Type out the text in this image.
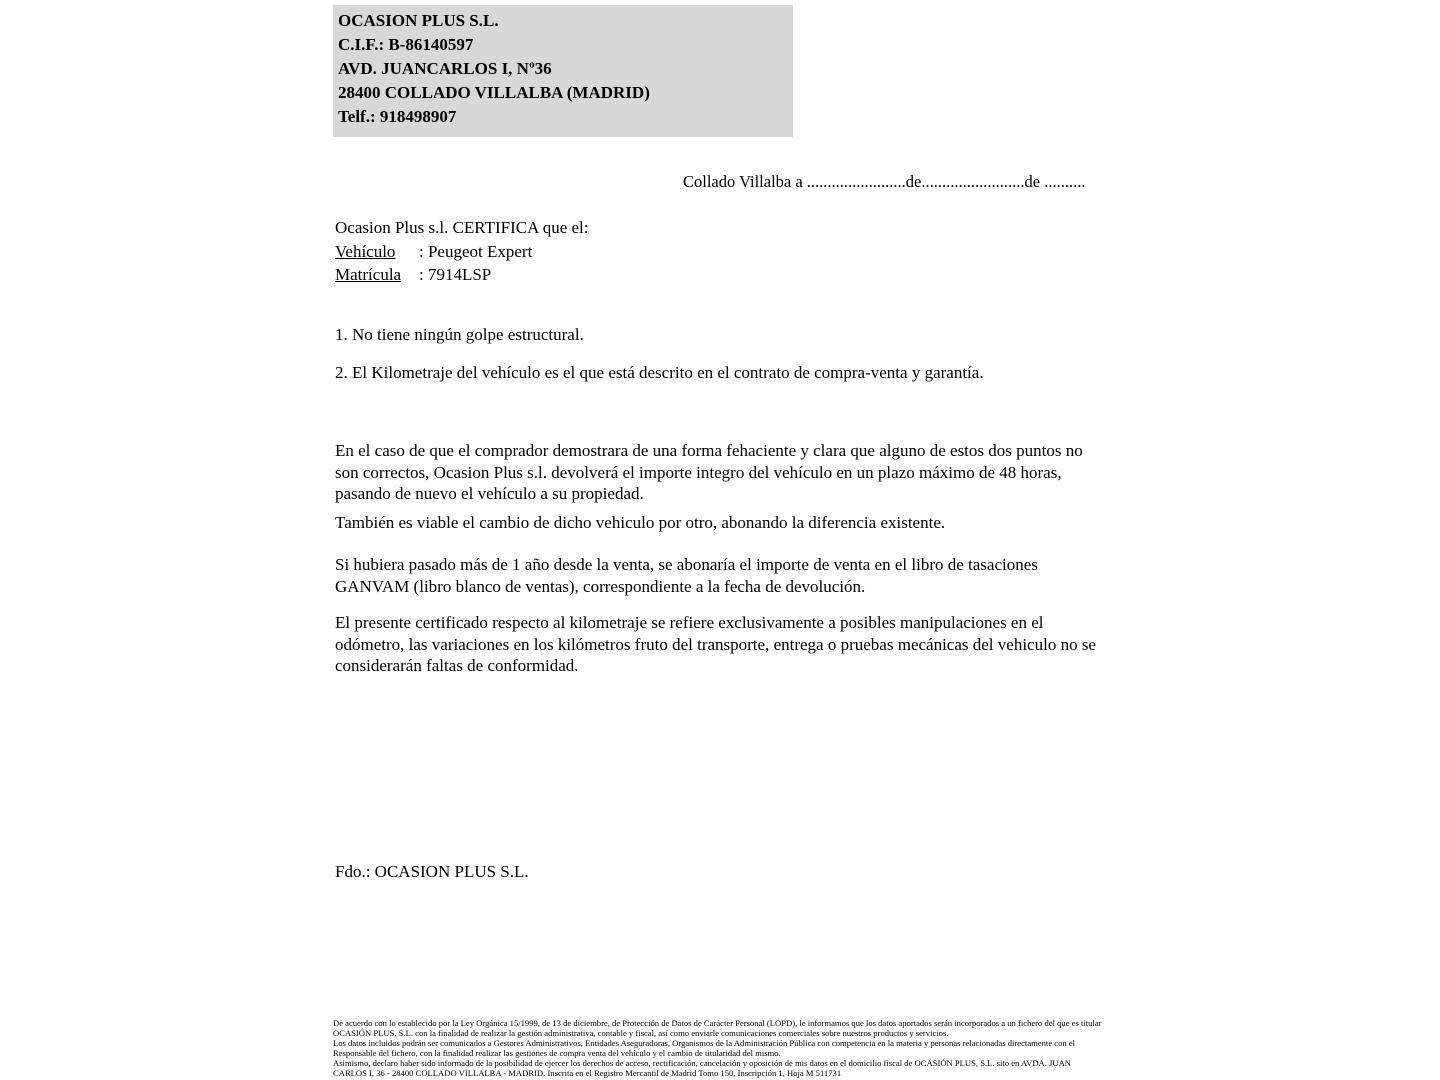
OCASION PLUS S.L.
C.I.F.: B-86140597
AVD. JUANCARLOS I, Nº36
28400 COLLADO VILLALBA (MADRID)
Telf.: 918498907
Collado Villalba a ........................de.........................de ..........
Ocasion Plus s.l. CERTIFICA que el:
Vehículo : Peugeot Expert
Matrícula : 7914LSP
1. No tiene ningún golpe estructural.
2. El Kilometraje del vehículo es el que está descrito en el contrato de compra-venta y garantía.
En el caso de que el comprador demostrara de una forma fehaciente y clara que alguno de estos dos puntos no son correctos, Ocasion Plus s.l. devolverá el importe integro del vehículo en un plazo máximo de 48 horas, pasando de nuevo el vehículo a su propiedad.
También es viable el cambio de dicho vehiculo por otro, abonando la diferencia existente.
Si hubiera pasado más de 1 año desde la venta, se abonaría el importe de venta en el libro de tasaciones GANVAM (libro blanco de ventas), correspondiente a la fecha de devolución.
El presente certificado respecto al kilometraje se refiere exclusivamente a posibles manipulaciones en el odómetro, las variaciones en los kilómetros fruto del transporte, entrega o pruebas mecánicas del vehiculo no se considerarán faltas de conformidad.
Fdo.: OCASION PLUS S.L.
De acuerdo con lo establecido por la Ley Orgánica 15/1999, de 13 de diciembre, de Protección de Datos de Carácter Personal (LOPD), le informamos que los datos aportados serán incorporados a un fichero del que es titular
OCASIÓN PLUS, S.L. con la finalidad de realizar la gestión administrativa, contable y fiscal, así como enviarle comunicaciones comerciales sobre nuestros productos y servicios.
Los datos incluidos podrán ser comunicados a Gestores Administrativos, Entidades Aseguradoras, Organismos de la Administración Pública con competencia en la materia y personas relacionadas directamente con el
Responsable del fichero, con la finalidad realizar las gestiones de compra venta del vehículo y el cambio de titularidad del mismo.
Asimismo, declaro haber sido informado de la posibilidad de ejercer los derechos de acceso, rectificación, cancelación y oposición de mis datos en el domicilio fiscal de OCASIÓN PLUS, S.L. sito en AVDA. JUAN
CARLOS I, 36 - 28400 COLLADO VILLALBA - MADRID. Inscrita en el Registro Mercantil de Madrid Tomo 150, Inscripción 1, Hoja M 511731
